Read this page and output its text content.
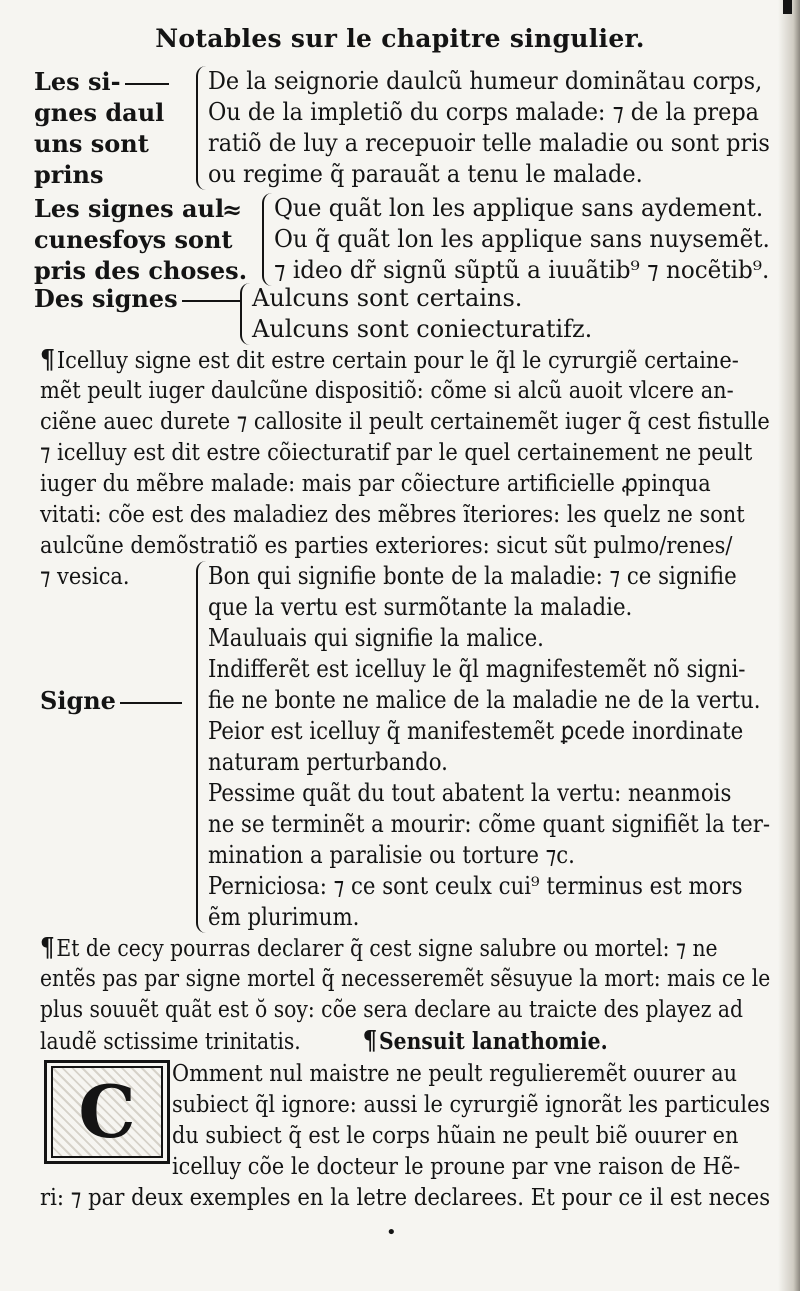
Notables sur le chapitre singulier.
Les si-
gnes daul
uns sont
prins
De la seignorie daulcũ humeur dominãtau corps,
Ou de la impletiõ du corps malade: ⁊ de la prepa
ratiõ de luy a recepuoir telle maladie ou sont pris
ou regime q̃ parauãt a tenu le malade.
Les signes aul
cunesfoys sont
pris des choses.
≈ Que quãt lon les applique sans aydement.
Ou q̃ quãt lon les applique sans nuysemẽt.
⁊ ideo dr̃ signũ sũptũ a iuuãtib⁹ ⁊ nocẽtib⁹.
Des signes	Aulcuns sont certains.
Aulcuns sont coniecturatifz.
¶Icelluy signe est dit estre certain pour le q̃l le cyrurgiẽ certaine-
mẽt peult iuger daulcũne dispositiõ: cõme si alcũ auoit vlcere an-
ciẽne auec durete ⁊ callosite il peult certainemẽt iuger q̃ cest fistulle
⁊ icelluy est dit estre cõiecturatif par le quel certainement ne peult
iuger du mẽbre malade: mais par cõiecture artificielle ꝓpinqua
vitati: cõe est des maladiez des mẽbres ĩteriores: les quelz ne sont
aulcũne demõstratiõ es parties exteriores: sicut sũt pulmo/renes/
⁊ vesica.
Signe
Bon qui signifie bonte de la maladie: ⁊ ce signifie
que la vertu est surmõtante la maladie.
Mauluais qui signifie la malice.
Indifferẽt est icelluy le q̃l magnifestemẽt nõ signi-
fie ne bonte ne malice de la maladie ne de la vertu.
Peior est icelluy q̃ manifestemẽt ꝑcede inordinate
naturam perturbando.
Pessime quãt du tout abatent la vertu: neanmois
ne se terminẽt a mourir: cõme quant signifiẽt la ter-
mination a paralisie ou torture ⁊c.
Perniciosa: ⁊ ce sont ceulx cui⁹ terminus est mors
ẽm plurimum.
¶Et de cecy pourras declarer q̃ cest signe salubre ou mortel: ⁊ ne
entẽs pas par signe mortel q̃ necesseremẽt sẽsuyue la mort: mais ce le
plus souuẽt quãt est ŏ soy: cõe sera declare au traicte des playez ad
laudẽ sctissime trinitatis. ¶Sensuit lanathomie.
C Omment nul maistre ne peult regulieremẽt ouurer au
subiect q̃l ignore: aussi le cyrurgiẽ ignorãt les particules
du subiect q̃ est le corps hũain ne peult biẽ ouurer en
icelluy cõe le docteur le proune par vne raison de Hẽ-
ri: ⁊ par deux exemples en la letre declarees. Et pour ce il est neces
•
